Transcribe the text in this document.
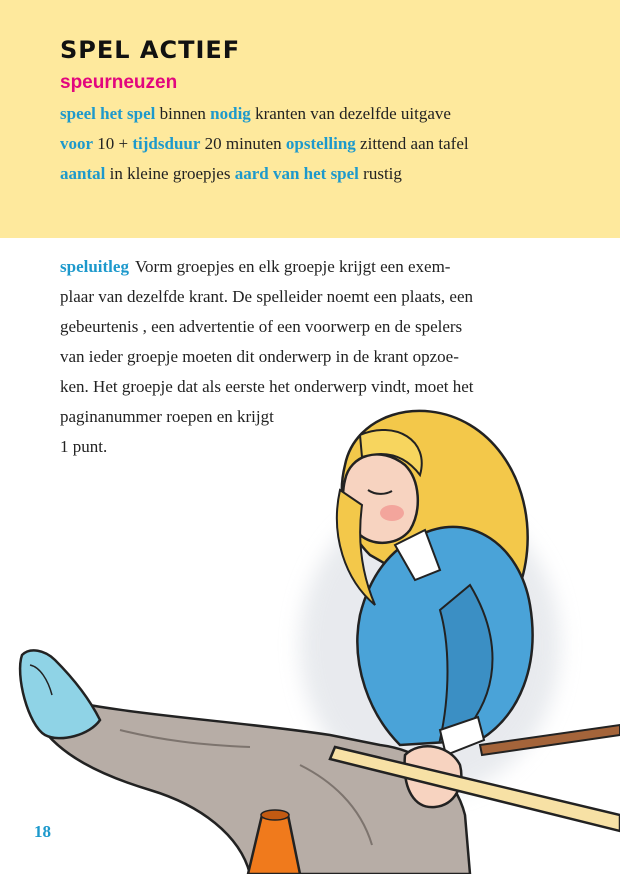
SPEL ACTIEF
speurneuzen
speel het spel binnen nodig kranten van dezelfde uitgave
voor 10 + tijdsduur 20 minuten opstelling zittend aan tafel
aantal in kleine groepjes aard van het spel rustig
speluitleg Vorm groepjes en elk groepje krijgt een exem-
plaar van dezelfde krant. De spelleider noemt een plaats, een
gebeurtenis , een advertentie of een voorwerp en de spelers
van ieder groepje moeten dit onderwerp in de krant opzoe-
ken. Het groepje dat als eerste het onderwerp vindt, moet het
paginanummer roepen en krijgt
1 punt.
18
